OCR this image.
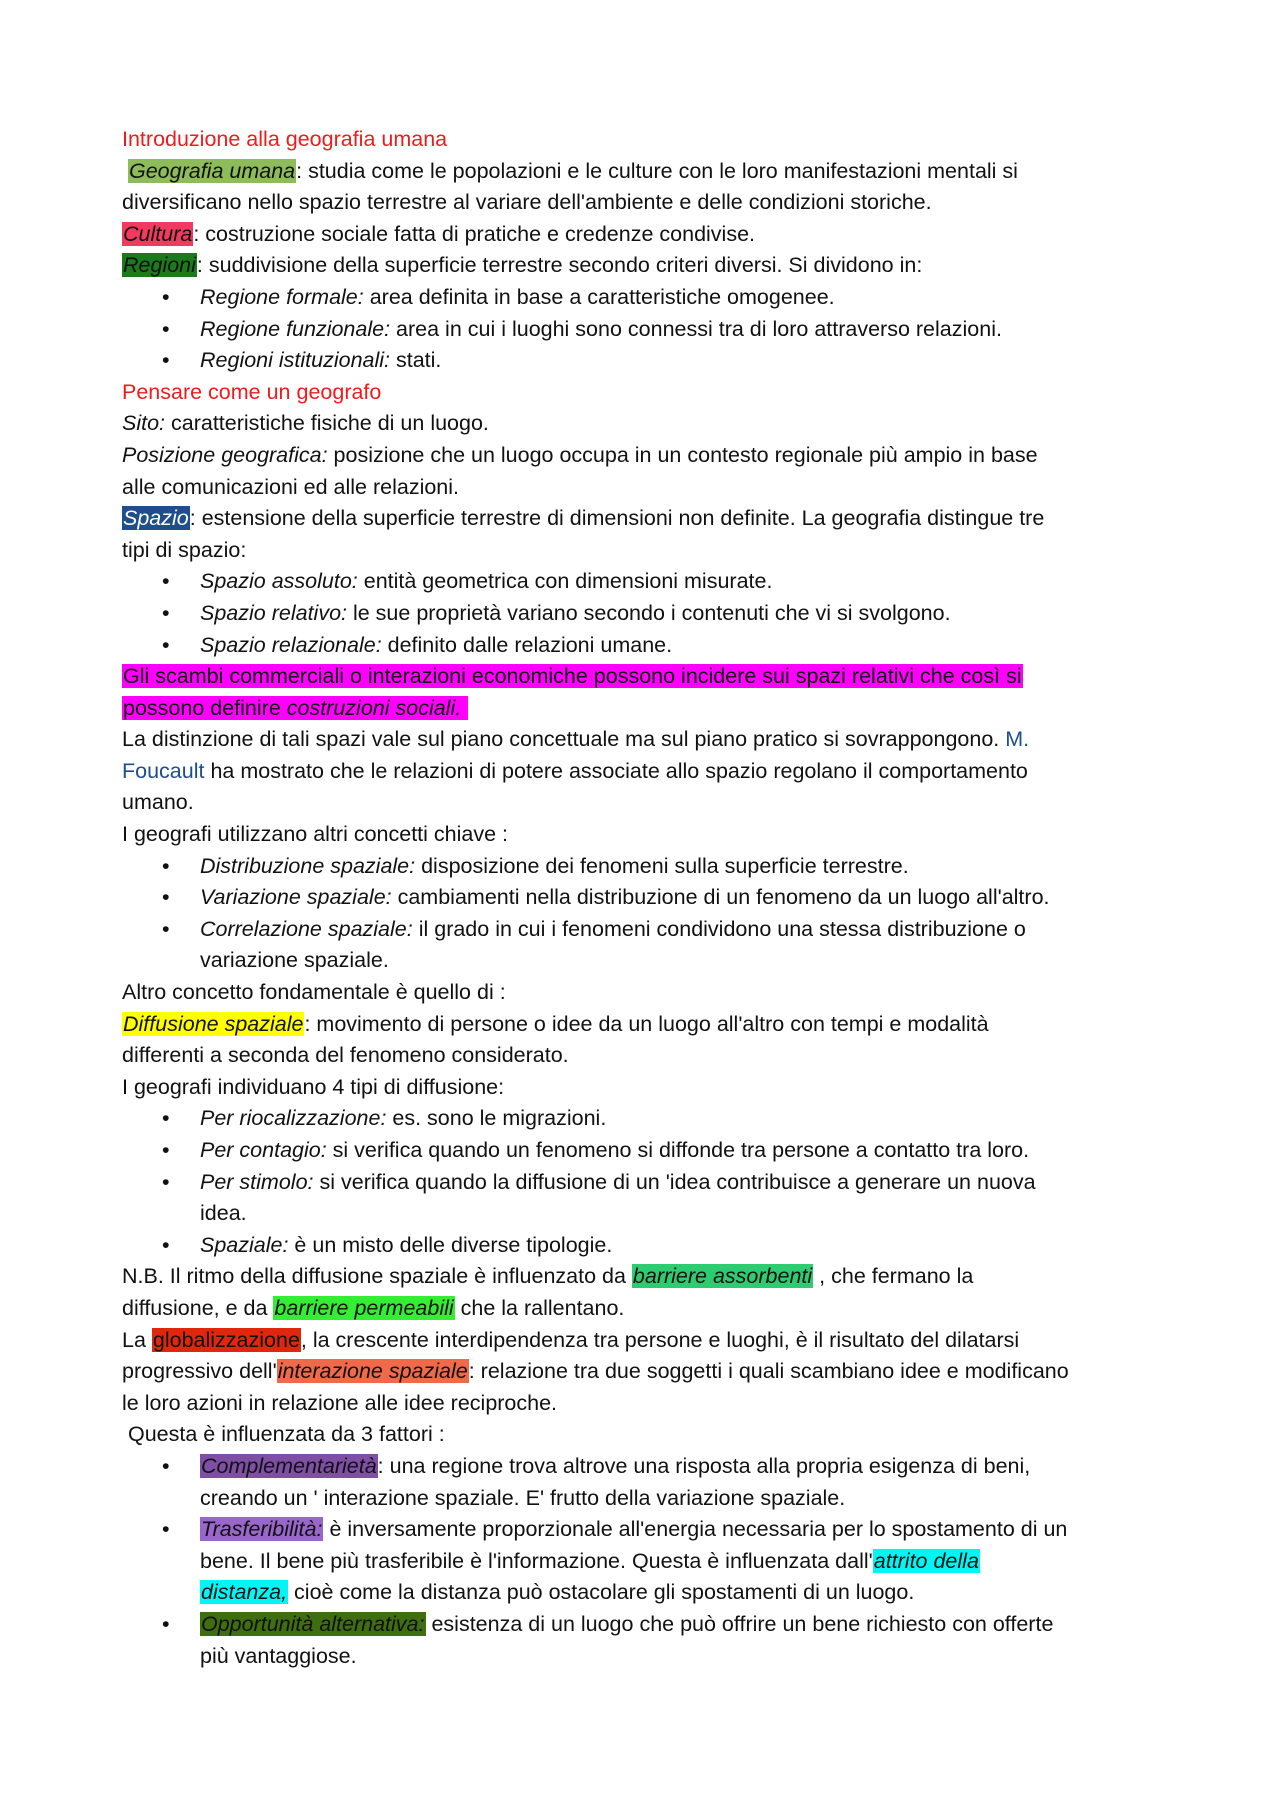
Introduzione alla geografia umana
Geografia umana: studia come le popolazioni e le culture con le loro manifestazioni mentali si
diversificano nello spazio terrestre al variare dell'ambiente e delle condizioni storiche.
Cultura: costruzione sociale fatta di pratiche e credenze condivise.
Regioni: suddivisione della superficie terrestre secondo criteri diversi. Si dividono in:
• Regione formale: area definita in base a caratteristiche omogenee.
• Regione funzionale: area in cui i luoghi sono connessi tra di loro attraverso relazioni.
• Regioni istituzionali: stati.
Pensare come un geografo
Sito: caratteristiche fisiche di un luogo.
Posizione geografica: posizione che un luogo occupa in un contesto regionale più ampio in base
alle comunicazioni ed alle relazioni.
Spazio: estensione della superficie terrestre di dimensioni non definite. La geografia distingue tre
tipi di spazio:
• Spazio assoluto: entità geometrica con dimensioni misurate.
• Spazio relativo: le sue proprietà variano secondo i contenuti che vi si svolgono.
• Spazio relazionale: definito dalle relazioni umane.
Gli scambi commerciali o interazioni economiche possono incidere sui spazi relativi che così si
possono definire costruzioni sociali.
La distinzione di tali spazi vale sul piano concettuale ma sul piano pratico si sovrappongono. M.
Foucault ha mostrato che le relazioni di potere associate allo spazio regolano il comportamento
umano.
I geografi utilizzano altri concetti chiave :
• Distribuzione spaziale: disposizione dei fenomeni sulla superficie terrestre.
• Variazione spaziale: cambiamenti nella distribuzione di un fenomeno da un luogo all'altro.
• Correlazione spaziale: il grado in cui i fenomeni condividono una stessa distribuzione o
variazione spaziale.
Altro concetto fondamentale è quello di :
Diffusione spaziale: movimento di persone o idee da un luogo all'altro con tempi e modalità
differenti a seconda del fenomeno considerato.
I geografi individuano 4 tipi di diffusione:
• Per riocalizzazione: es. sono le migrazioni.
• Per contagio: si verifica quando un fenomeno si diffonde tra persone a contatto tra loro.
• Per stimolo: si verifica quando la diffusione di un 'idea contribuisce a generare un nuova
idea.
• Spaziale: è un misto delle diverse tipologie.
N.B. Il ritmo della diffusione spaziale è influenzato da barriere assorbenti , che fermano la
diffusione, e da barriere permeabili che la rallentano.
La globalizzazione, la crescente interdipendenza tra persone e luoghi, è il risultato del dilatarsi
progressivo dell'interazione spaziale: relazione tra due soggetti i quali scambiano idee e modificano
le loro azioni in relazione alle idee reciproche.
Questa è influenzata da 3 fattori :
• Complementarietà: una regione trova altrove una risposta alla propria esigenza di beni,
creando un ' interazione spaziale. E' frutto della variazione spaziale.
• Trasferibilità: è inversamente proporzionale all'energia necessaria per lo spostamento di un
bene. Il bene più trasferibile è l'informazione. Questa è influenzata dall'attrito della
distanza, cioè come la distanza può ostacolare gli spostamenti di un luogo.
• Opportunità alternativa: esistenza di un luogo che può offrire un bene richiesto con offerte
più vantaggiose.
